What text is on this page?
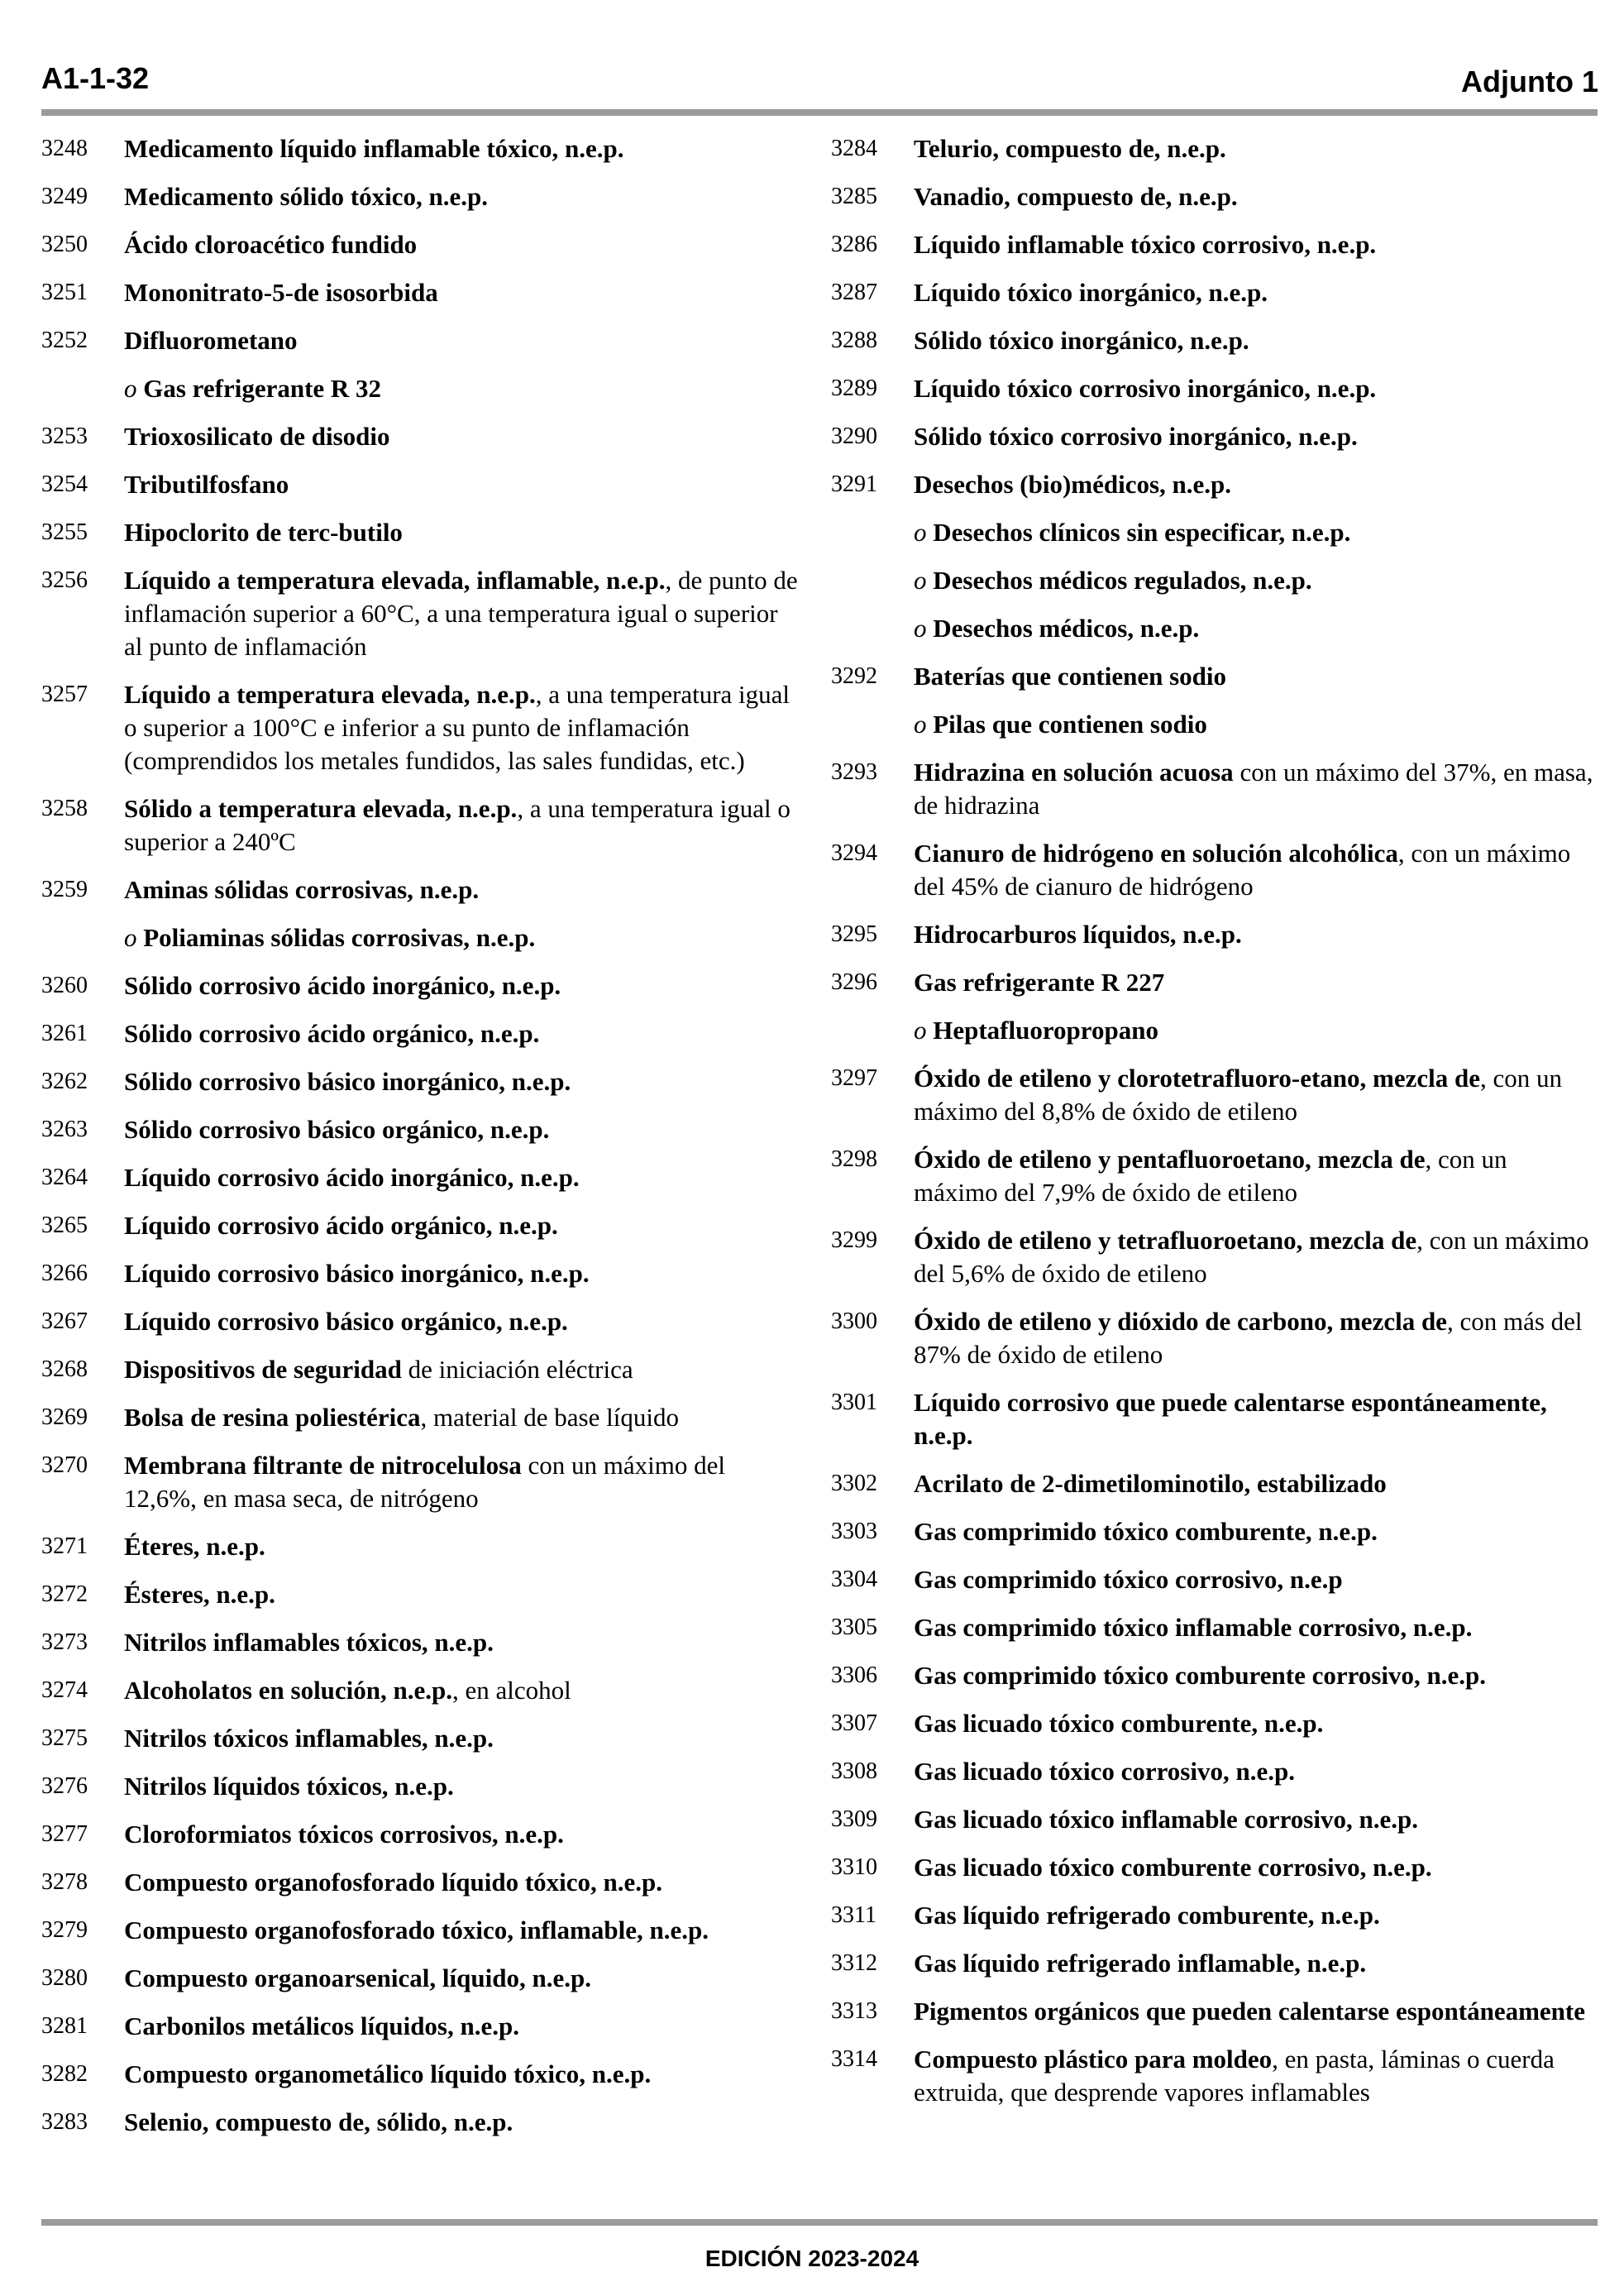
A1-1-32	Adjunto 1
3248	Medicamento líquido inflamable tóxico, n.e.p.
3249	Medicamento sólido tóxico, n.e.p.
3250	Ácido cloroacético fundido
3251	Mononitrato-5-de isosorbida
3252	Difluorometano
o Gas refrigerante R 32
3253	Trioxosilicato de disodio
3254	Tributilfosfano
3255	Hipoclorito de terc-butilo
3256	Líquido a temperatura elevada, inflamable, n.e.p., de punto de inflamación superior a 60°C, a una temperatura igual o superior al punto de inflamación
3257	Líquido a temperatura elevada, n.e.p., a una temperatura igual o superior a 100°C e inferior a su punto de inflamación (comprendidos los metales fundidos, las sales fundidas, etc.)
3258	Sólido a temperatura elevada, n.e.p., a una temperatura igual o superior a 240ºC
3259	Aminas sólidas corrosivas, n.e.p.
o Poliaminas sólidas corrosivas, n.e.p.
3260	Sólido corrosivo ácido inorgánico, n.e.p.
3261	Sólido corrosivo ácido orgánico, n.e.p.
3262	Sólido corrosivo básico inorgánico, n.e.p.
3263	Sólido corrosivo básico orgánico, n.e.p.
3264	Líquido corrosivo ácido inorgánico, n.e.p.
3265	Líquido corrosivo ácido orgánico, n.e.p.
3266	Líquido corrosivo básico inorgánico, n.e.p.
3267	Líquido corrosivo básico orgánico, n.e.p.
3268	Dispositivos de seguridad de iniciación eléctrica
3269	Bolsa de resina poliestérica, material de base líquido
3270	Membrana filtrante de nitrocelulosa con un máximo del 12,6%, en masa seca, de nitrógeno
3271	Éteres, n.e.p.
3272	Ésteres, n.e.p.
3273	Nitrilos inflamables tóxicos, n.e.p.
3274	Alcoholatos en solución, n.e.p., en alcohol
3275	Nitrilos tóxicos inflamables, n.e.p.
3276	Nitrilos líquidos tóxicos, n.e.p.
3277	Cloroformiatos tóxicos corrosivos, n.e.p.
3278	Compuesto organofosforado líquido tóxico, n.e.p.
3279	Compuesto organofosforado tóxico, inflamable, n.e.p.
3280	Compuesto organoarsenical, líquido, n.e.p.
3281	Carbonilos metálicos líquidos, n.e.p.
3282	Compuesto organometálico líquido tóxico, n.e.p.
3283	Selenio, compuesto de, sólido, n.e.p.
3284	Telurio, compuesto de, n.e.p.
3285	Vanadio, compuesto de, n.e.p.
3286	Líquido inflamable tóxico corrosivo, n.e.p.
3287	Líquido tóxico inorgánico, n.e.p.
3288	Sólido tóxico inorgánico, n.e.p.
3289	Líquido tóxico corrosivo inorgánico, n.e.p.
3290	Sólido tóxico corrosivo inorgánico, n.e.p.
3291	Desechos (bio)médicos, n.e.p.
o Desechos clínicos sin especificar, n.e.p.
o Desechos médicos regulados, n.e.p.
o Desechos médicos, n.e.p.
3292	Baterías que contienen sodio
o Pilas que contienen sodio
3293	Hidrazina en solución acuosa con un máximo del 37%, en masa, de hidrazina
3294	Cianuro de hidrógeno en solución alcohólica, con un máximo del 45% de cianuro de hidrógeno
3295	Hidrocarburos líquidos, n.e.p.
3296	Gas refrigerante R 227
o Heptafluoropropano
3297	Óxido de etileno y clorotetrafluoro-etano, mezcla de, con un máximo del 8,8% de óxido de etileno
3298	Óxido de etileno y pentafluoroetano, mezcla de, con un máximo del 7,9% de óxido de etileno
3299	Óxido de etileno y tetrafluoroetano, mezcla de, con un máximo del 5,6% de óxido de etileno
3300	Óxido de etileno y dióxido de carbono, mezcla de, con más del 87% de óxido de etileno
3301	Líquido corrosivo que puede calentarse espontáneamente, n.e.p.
3302	Acrilato de 2-dimetilominotilo, estabilizado
3303	Gas comprimido tóxico comburente, n.e.p.
3304	Gas comprimido tóxico corrosivo, n.e.p
3305	Gas comprimido tóxico inflamable corrosivo, n.e.p.
3306	Gas comprimido tóxico comburente corrosivo, n.e.p.
3307	Gas licuado tóxico comburente, n.e.p.
3308	Gas licuado tóxico corrosivo, n.e.p.
3309	Gas licuado tóxico inflamable corrosivo, n.e.p.
3310	Gas licuado tóxico comburente corrosivo, n.e.p.
3311	Gas líquido refrigerado comburente, n.e.p.
3312	Gas líquido refrigerado inflamable, n.e.p.
3313	Pigmentos orgánicos que pueden calentarse espontáneamente
3314	Compuesto plástico para moldeo, en pasta, láminas o cuerda extruida, que desprende vapores inflamables
EDICIÓN 2023-2024
